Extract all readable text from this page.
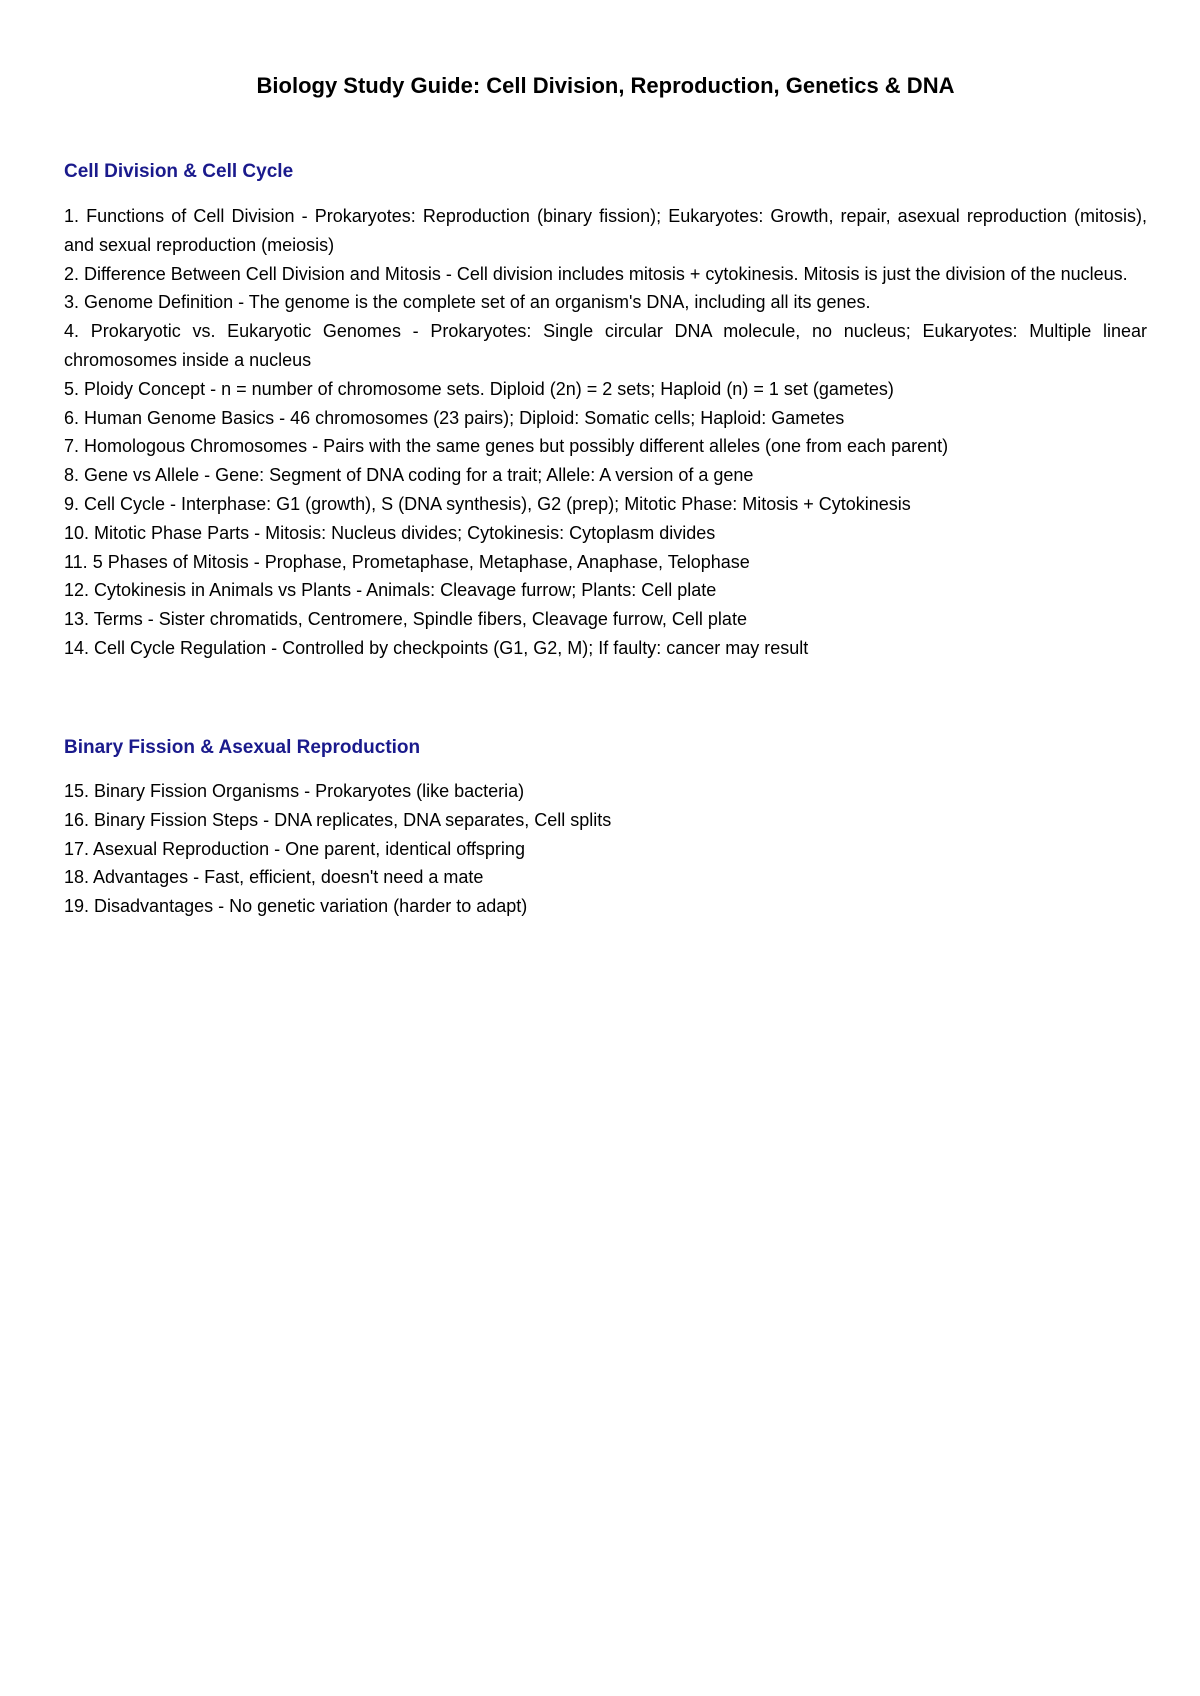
Biology Study Guide: Cell Division, Reproduction, Genetics & DNA
Cell Division & Cell Cycle
1. Functions of Cell Division - Prokaryotes: Reproduction (binary fission); Eukaryotes: Growth, repair, asexual reproduction (mitosis), and sexual reproduction (meiosis)
2. Difference Between Cell Division and Mitosis - Cell division includes mitosis + cytokinesis. Mitosis is just the division of the nucleus.
3. Genome Definition - The genome is the complete set of an organism's DNA, including all its genes.
4. Prokaryotic vs. Eukaryotic Genomes - Prokaryotes: Single circular DNA molecule, no nucleus; Eukaryotes: Multiple linear chromosomes inside a nucleus
5. Ploidy Concept - n = number of chromosome sets. Diploid (2n) = 2 sets; Haploid (n) = 1 set (gametes)
6. Human Genome Basics - 46 chromosomes (23 pairs); Diploid: Somatic cells; Haploid: Gametes
7. Homologous Chromosomes - Pairs with the same genes but possibly different alleles (one from each parent)
8. Gene vs Allele - Gene: Segment of DNA coding for a trait; Allele: A version of a gene
9. Cell Cycle - Interphase: G1 (growth), S (DNA synthesis), G2 (prep); Mitotic Phase: Mitosis + Cytokinesis
10. Mitotic Phase Parts - Mitosis: Nucleus divides; Cytokinesis: Cytoplasm divides
11. 5 Phases of Mitosis - Prophase, Prometaphase, Metaphase, Anaphase, Telophase
12. Cytokinesis in Animals vs Plants - Animals: Cleavage furrow; Plants: Cell plate
13. Terms - Sister chromatids, Centromere, Spindle fibers, Cleavage furrow, Cell plate
14. Cell Cycle Regulation - Controlled by checkpoints (G1, G2, M); If faulty: cancer may result
Binary Fission & Asexual Reproduction
15. Binary Fission Organisms - Prokaryotes (like bacteria)
16. Binary Fission Steps - DNA replicates, DNA separates, Cell splits
17. Asexual Reproduction - One parent, identical offspring
18. Advantages - Fast, efficient, doesn't need a mate
19. Disadvantages - No genetic variation (harder to adapt)
